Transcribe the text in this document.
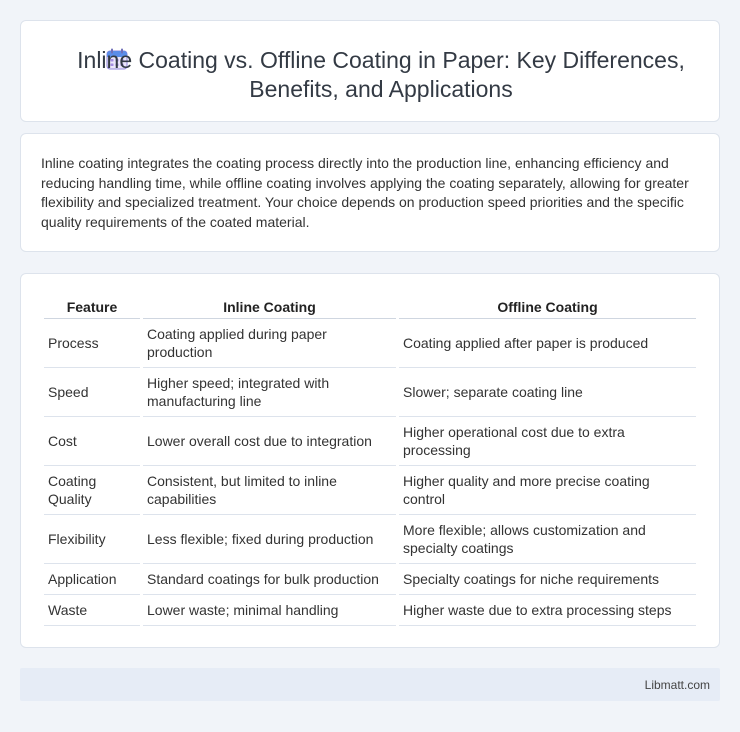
Inline Coating vs. Offline Coating in Paper: Key Differences, Benefits, and Applications

Inline coating integrates the coating process directly into the production line, enhancing efficiency and reducing handling time, while offline coating involves applying the coating separately, allowing for greater flexibility and specialized treatment. Your choice depends on production speed priorities and the specific quality requirements of the coated material.

Feature	Inline Coating	Offline Coating
Process	Coating applied during paper production	Coating applied after paper is produced
Speed	Higher speed; integrated with manufacturing line	Slower; separate coating line
Cost	Lower overall cost due to integration	Higher operational cost due to extra processing
Coating Quality	Consistent, but limited to inline capabilities	Higher quality and more precise coating control
Flexibility	Less flexible; fixed during production	More flexible; allows customization and specialty coatings
Application	Standard coatings for bulk production	Specialty coatings for niche requirements
Waste	Lower waste; minimal handling	Higher waste due to extra processing steps
Libmatt.com
